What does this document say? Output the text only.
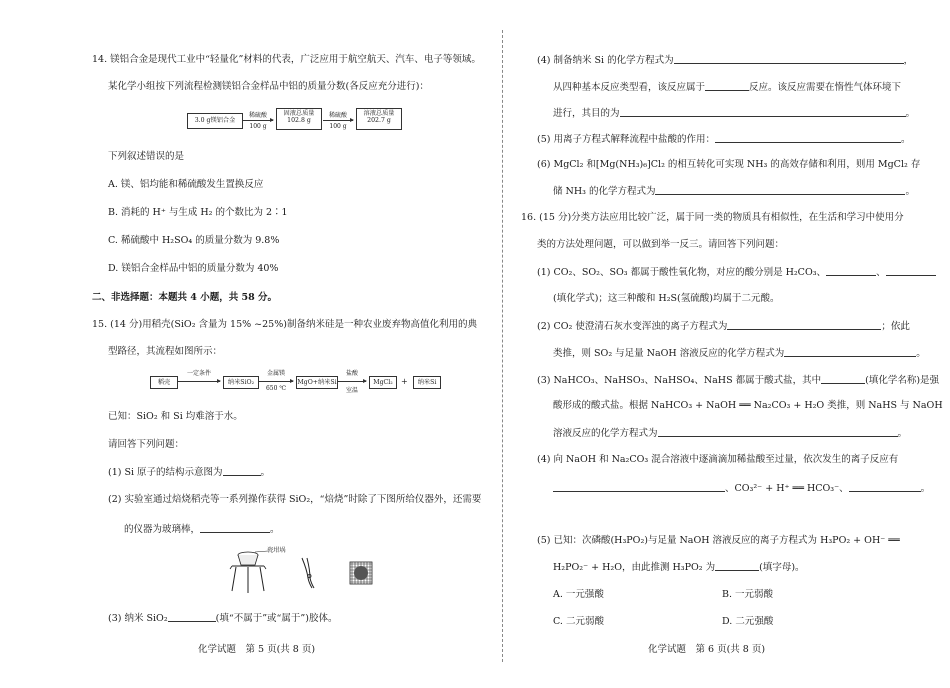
14. 镁铝合金是现代工业中“轻量化”材料的代表，广泛应用于航空航天、汽车、电子等领域。
某化学小组按下列流程检测镁铝合金样品中铝的质量分数(各反应充分进行)：
3.0 g镁铝合金
稀硫酸
100 g
固液总质量
102.8 g
稀硫酸
100 g
溶液总质量
202.7 g
下列叙述错误的是
A. 镁、铝均能和稀硫酸发生置换反应
B. 消耗的 H⁺ 与生成 H₂ 的个数比为 2∶1
C. 稀硫酸中 H₂SO₄ 的质量分数为 9.8%
D. 镁铝合金样品中铝的质量分数为 40%
二、非选择题：本题共 4 小题，共 58 分。
15. (14 分)用稻壳(SiO₂ 含量为 15% ~25%)制备纳米硅是一种农业废弃物高值化利用的典
型路径，其流程如图所示：
稻壳
一定条件
纳米SiO₂
金属镁
650 ℃
MgO+纳米Si
盐酸
室温
MgCl₂	+	纳米Si
已知：SiO₂ 和 Si 均难溶于水。
请回答下列问题：
(1) Si 原子的结构示意图为	。
(2) 实验室通过焙烧稻壳等一系列操作获得 SiO₂，“焙烧”时除了下图所给仪器外，还需要
的仪器为玻璃棒，	。
瓷坩埚
(3) 纳米 SiO₂	(填“不属于”或“属于”)胶体。
化学试题　第 5 页(共 8 页)
(4) 制备纳米 Si 的化学方程式为	，
从四种基本反应类型看，该反应属于	反应。该反应需要在惰性气体环境下
进行，其目的为	。
(5) 用离子方程式解释流程中盐酸的作用：	。
(6) MgCl₂ 和[Mg(NH₃)₆]Cl₂ 的相互转化可实现 NH₃ 的高效存储和利用，则用 MgCl₂ 存
储 NH₃ 的化学方程式为	。
16. (15 分)分类方法应用比较广泛，属于同一类的物质具有相似性，在生活和学习中使用分
类的方法处理问题，可以做到举一反三。请回答下列问题：
(1) CO₂、SO₂、SO₃ 都属于酸性氧化物，对应的酸分别是 H₂CO₃、	、
(填化学式)；这三种酸和 H₂S(氢硫酸)均属于二元酸。
(2) CO₂ 使澄清石灰水变浑浊的离子方程式为	；依此
类推，则 SO₂ 与足量 NaOH 溶液反应的化学方程式为	。
(3) NaHCO₃、NaHSO₃、NaHSO₄、NaHS 都属于酸式盐，其中	(填化学名称)是强
酸形成的酸式盐。根据 NaHCO₃ + NaOH ══ Na₂CO₃ + H₂O 类推，则 NaHS 与 NaOH
溶液反应的化学方程式为	。
(4) 向 NaOH 和 Na₂CO₃ 混合溶液中逐滴滴加稀盐酸至过量，依次发生的离子反应有
、CO₃²⁻ + H⁺ ══ HCO₃⁻、	。
(5) 已知：次磷酸(H₃PO₂)与足量 NaOH 溶液反应的离子方程式为 H₃PO₂ + OH⁻ ══
H₂PO₂⁻ + H₂O，由此推测 H₃PO₂ 为	(填字母)。
A. 一元强酸	B. 一元弱酸
C. 二元弱酸	D. 二元强酸
化学试题　第 6 页(共 8 页)
